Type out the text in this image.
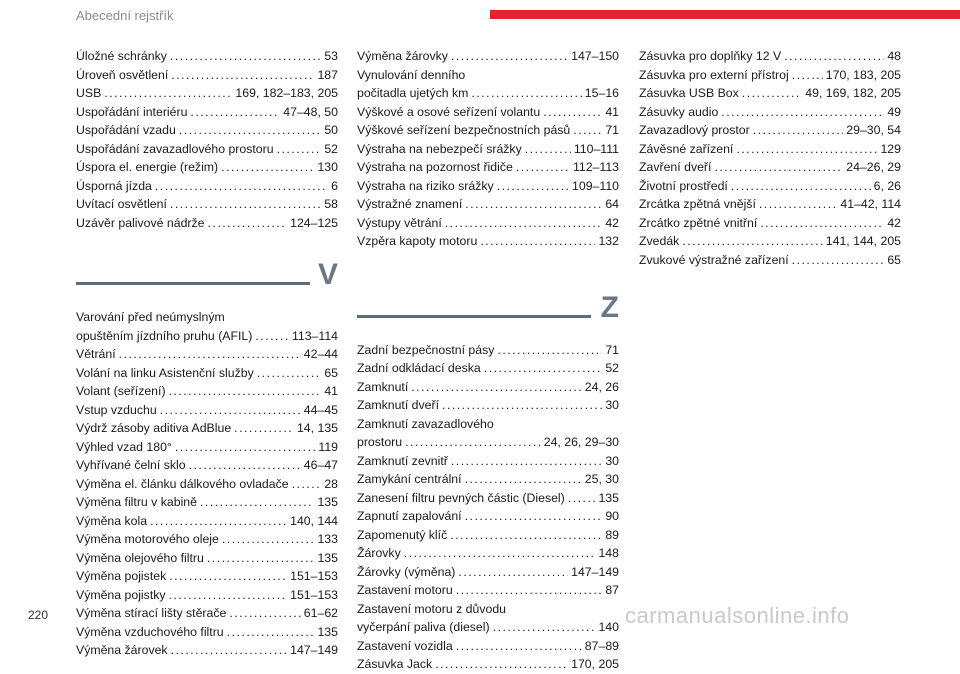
Abecední rejstřík
Úložné schránky .....	53
Úroveň osvětlení .....	187
USB .....	169, 182–183, 205
Uspořádání interiéru .....	47–48, 50
Uspořádání vzadu .....	50
Uspořádání zavazadlového prostoru .....	52
Úspora el. energie (režim) .....	130
Úsporná jízda .....	6
Uvítací osvětlení .....	58
Uzávěr palivové nádrže .....	124–125
V
Varování před neúmyslným
opuštěním jízdního pruhu (AFIL) .....	113–114
Větrání .....	42–44
Volání na linku Asistenční služby .....	65
Volant (seřízení) .....	41
Vstup vzduchu .....	44–45
Výdrž zásoby aditiva AdBlue .....	14, 135
Výhled vzad 180° .....	119
Vyhřívané čelní sklo .....	46–47
Výměna el. článku dálkového ovladače .....	28
Výměna filtru v kabině .....	135
Výměna kola .....	140, 144
Výměna motorového oleje .....	133
Výměna olejového filtru .....	135
Výměna pojistek .....	151–153
Výměna pojistky .....	151–153
Výměna stírací lišty stěrače .....	61–62
Výměna vzduchového filtru .....	135
Výměna žárovek .....	147–149
Výměna žárovky .....	147–150
Vynulování denního
počitadla ujetých km .....	15–16
Výškové a osové seřízení volantu .....	41
Výškové seřízení bezpečnostních pásů .....	71
Výstraha na nebezpečí srážky .....	110–111
Výstraha na pozornost řidiče .....	112–113
Výstraha na riziko srážky .....	109–110
Výstražné znamení .....	64
Výstupy větrání .....	42
Vzpěra kapoty motoru .....	132
Z
Zadní bezpečnostní pásy .....	71
Zadní odkládací deska .....	52
Zamknutí .....	24, 26
Zamknutí dveří .....	30
Zamknutí zavazadlového
prostoru .....	24, 26, 29–30
Zamknutí zevnitř .....	30
Zamykání centrální .....	25, 30
Zanesení filtru pevných částic (Diesel) .....	135
Zapnutí zapalování .....	90
Zapomenutý klíč .....	89
Žárovky .....	148
Žárovky (výměna) .....	147–149
Zastavení motoru .....	87
Zastavení motoru z důvodu
vyčerpání paliva (diesel) .....	140
Zastavení vozidla .....	87–89
Zásuvka Jack .....	170, 205
Zásuvka pro doplňky 12 V .....	48
Zásuvka pro externí přístroj .....	170, 183, 205
Zásuvka USB Box .....	49, 169, 182, 205
Zásuvky audio .....	49
Zavazadlový prostor .....	29–30, 54
Závěsné zařízení .....	129
Zavření dveří .....	24–26, 29
Životní prostředí .....	6, 26
Zrcátka zpětná vnější .....	41–42, 114
Zrcátko zpětné vnitřní .....	42
Zvedák .....	141, 144, 205
Zvukové výstražné zařízení .....	65
220	carmanualsonline.info
